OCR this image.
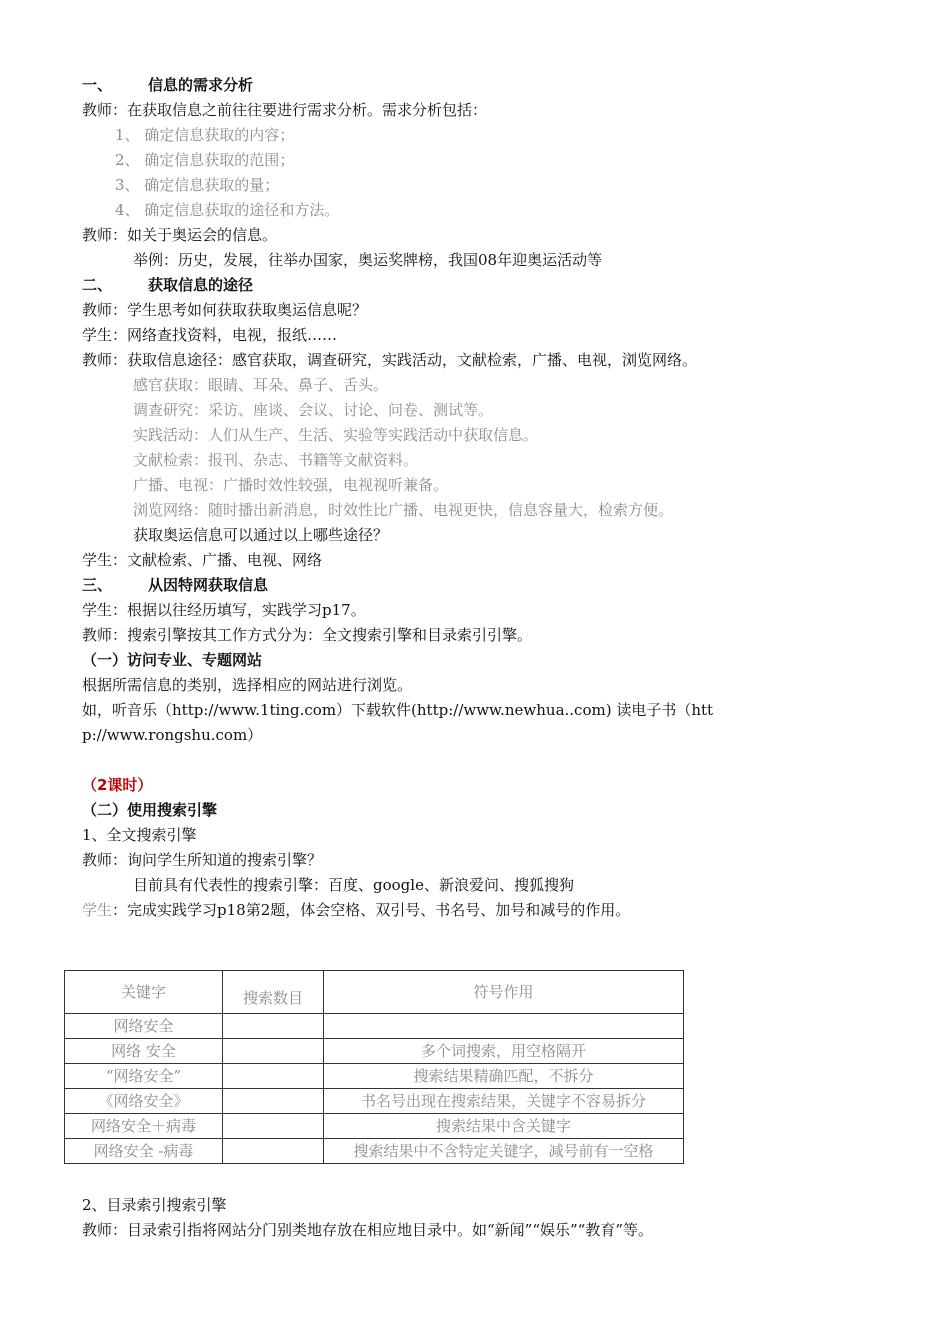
一、 信息的需求分析
教师：在获取信息之前往往要进行需求分析。需求分析包括：
1、 确定信息获取的内容；
2、 确定信息获取的范围；
3、 确定信息获取的量；
4、 确定信息获取的途径和方法。
教师：如关于奥运会的信息。
举例：历史，发展，往举办国家，奥运奖牌榜，我国08年迎奥运活动等
二、 获取信息的途径
教师：学生思考如何获取获取奥运信息呢？
学生：网络查找资料，电视，报纸……
教师：获取信息途径：感官获取，调查研究，实践活动，文献检索，广播、电视，浏览网络。
感官获取：眼睛、耳朵、鼻子、舌头。
调查研究：采访、座谈、会议、讨论、问卷、测试等。
实践活动：人们从生产、生活、实验等实践活动中获取信息。
文献检索：报刊、杂志、书籍等文献资料。
广播、电视：广播时效性较强，电视视听兼备。
浏览网络：随时播出新消息，时效性比广播、电视更快，信息容量大，检索方便。
获取奥运信息可以通过以上哪些途径？
学生：文献检索、广播、电视、网络
三、 从因特网获取信息
学生：根据以往经历填写，实践学习p17。
教师：搜索引擎按其工作方式分为：全文搜索引擎和目录索引引擎。
（一）访问专业、专题网站
根据所需信息的类别，选择相应的网站进行浏览。
如，听音乐（http://www.1ting.com）下载软件(http://www.newhua..com) 读电子书（http://www.rongshu.com）
（2课时）
（二）使用搜索引擎
1、全文搜索引擎
教师：询问学生所知道的搜索引擎？
目前具有代表性的搜索引擎：百度、google、新浪爱问、搜狐搜狗
学生：完成实践学习p18第2题，体会空格、双引号、书名号、加号和减号的作用。
关键字	搜索数目	符号作用
网络安全		
网络 安全		多个词搜索，用空格隔开
“网络安全”		搜索结果精确匹配，不拆分
《网络安全》		书名号出现在搜索结果，关键字不容易拆分
网络安全＋病毒		搜索结果中含关键字
网络安全 -病毒		搜索结果中不含特定关键字，减号前有一空格
2、目录索引搜索引擎
教师：目录索引指将网站分门别类地存放在相应地目录中。如“新闻”“娱乐”“教育”等。
